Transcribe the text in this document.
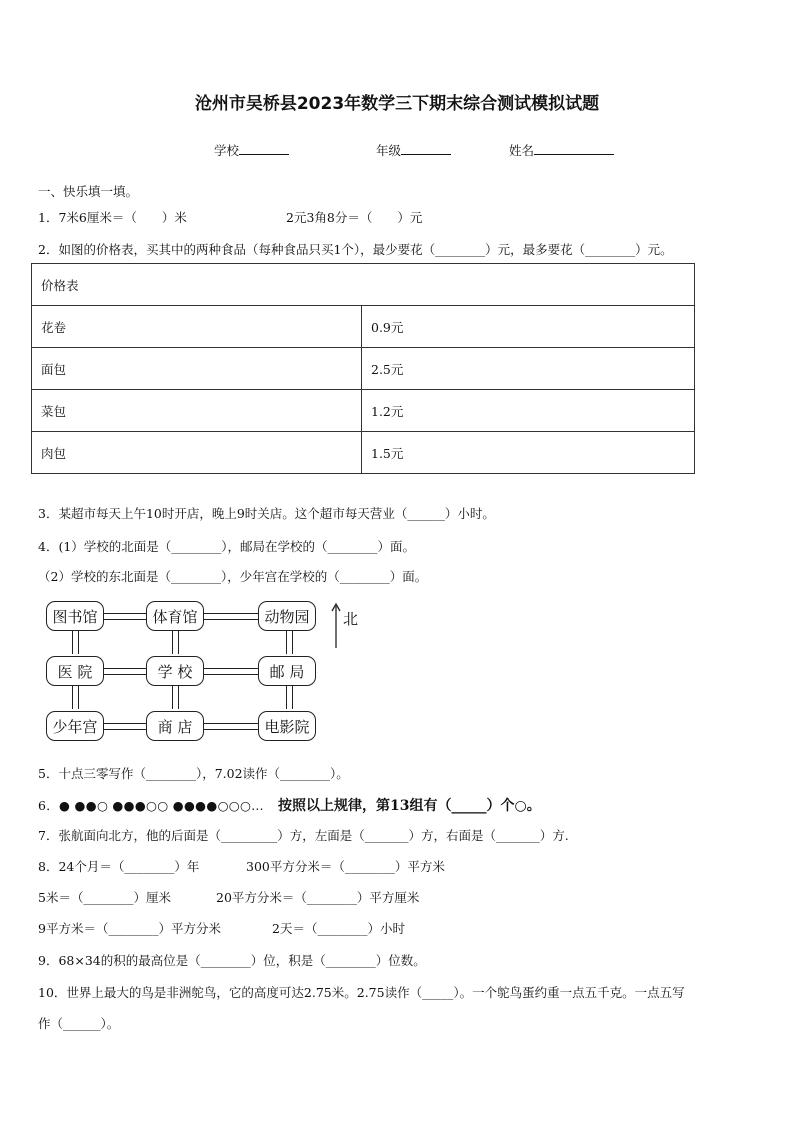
沧州市吴桥县2023年数学三下期末综合测试模拟试题
学校	年级	姓名
一、快乐填一填。
1．7米6厘米＝（　　）米	2元3角8分＝（　　）元
2．如图的价格表，买其中的两种食品（每种食品只买1个），最少要花（________）元，最多要花（________）元。
价格表	
花卷	0.9元
面包	2.5元
菜包	1.2元
肉包	1.5元
3．某超市每天上午10时开店，晚上9时关店。这个超市每天营业（______）小时。
4．(1）学校的北面是（________），邮局在学校的（________）面。
（2）学校的东北面是（________），少年宫在学校的（________）面。
图书馆	体育馆	动物园
医 院	学 校	邮 局
少年宫	商 店	电影院
北
5．十点三零写作（________），7.02读作（________）。
6．● ●●○ ●●●○○ ●●●●○○○… 按照以上规律，第13组有（_____）个○。
7．张航面向北方，他的后面是（_________）方，左面是（_______）方，右面是（_______）方.
8．24个月＝（________）年	300平方分米＝（________）平方米
5米＝（________）厘米	20平方分米＝（________）平方厘米
9平方米＝（________）平方分米	2天＝（________）小时
9．68×34的积的最高位是（________）位，积是（________）位数。
10．世界上最大的鸟是非洲鸵鸟，它的高度可达2.75米。2.75读作（_____）。一个鸵鸟蛋约重一点五千克。一点五写
作（______）。
